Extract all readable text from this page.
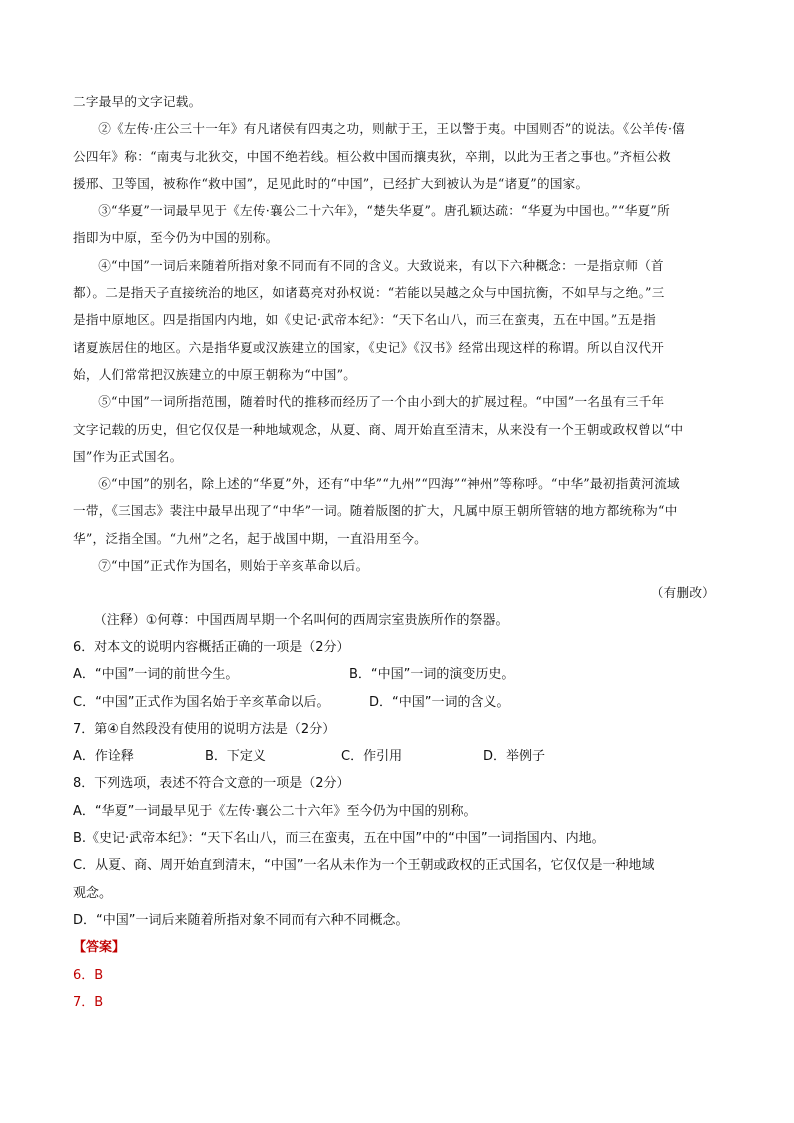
二字最早的文字记载。

②《左传·庄公三十一年》有凡诸侯有四夷之功，则献于王，王以警于夷。中国则否”的说法。《公羊传·僖

公四年》称：“南夷与北狄交，中国不绝若线。桓公救中国而攘夷狄，卒荆，以此为王者之事也。”齐桓公救

援邢、卫等国，被称作“救中国”，足见此时的“中国”，已经扩大到被认为是“诸夏”的国家。

③“华夏”一词最早见于《左传·襄公二十六年》，“楚失华夏”。唐孔颖达疏：“华夏为中国也。”“华夏”所

指即为中原，至今仍为中国的别称。

④“中国”一词后来随着所指对象不同而有不同的含义。大致说来，有以下六种概念：一是指京师（首

都）。二是指天子直接统治的地区，如诸葛亮对孙权说：“若能以吴越之众与中国抗衡，不如早与之绝。”三

是指中原地区。四是指国内内地，如《史记·武帝本纪》：“天下名山八，而三在蛮夷，五在中国。”五是指

诸夏族居住的地区。六是指华夏或汉族建立的国家，《史记》《汉书》经常出现这样的称谓。所以自汉代开

始，人们常常把汉族建立的中原王朝称为“中国”。

⑤“中国”一词所指范围，随着时代的推移而经历了一个由小到大的扩展过程。“中国”一名虽有三千年

文字记载的历史，但它仅仅是一种地域观念，从夏、商、周开始直至清末，从来没有一个王朝或政权曾以“中

国”作为正式国名。

⑥“中国”的别名，除上述的“华夏”外，还有“中华”“九州”“四海”“神州”等称呼。“中华”最初指黄河流域

一带，《三国志》裴注中最早出现了“中华”一词。随着版图的扩大，凡属中原王朝所管辖的地方都统称为“中

华”，泛指全国。“九州”之名，起于战国中期，一直沿用至今。

⑦“中国”正式作为国名，则始于辛亥革命以后。

（有删改）

（注释）①何尊：中国西周早期一个名叫何的西周宗室贵族所作的祭器。

6．对本文的说明内容概括正确的一项是（2分）

A．“中国”一词的前世今生。	B．“中国”一词的演变历史。
C．“中国”正式作为国名始于辛亥革命以后。	D．“中国”一词的含义。

7．第④自然段没有使用的说明方法是（2分）

A．作诠释	B．下定义	C．作引用	D．举例子

8．下列选项，表述不符合文意的一项是（2分）

A．“华夏”一词最早见于《左传·襄公二十六年》至今仍为中国的别称。

B.《史记·武帝本纪》：“天下名山八，而三在蛮夷，五在中国”中的“中国”一词指国内、内地。

C．从夏、商、周开始直到清末，“中国”一名从未作为一个王朝或政权的正式国名，它仅仅是一种地域

观念。

D．“中国”一词后来随着所指对象不同而有六种不同概念。

【答案】

6．B

7．B
